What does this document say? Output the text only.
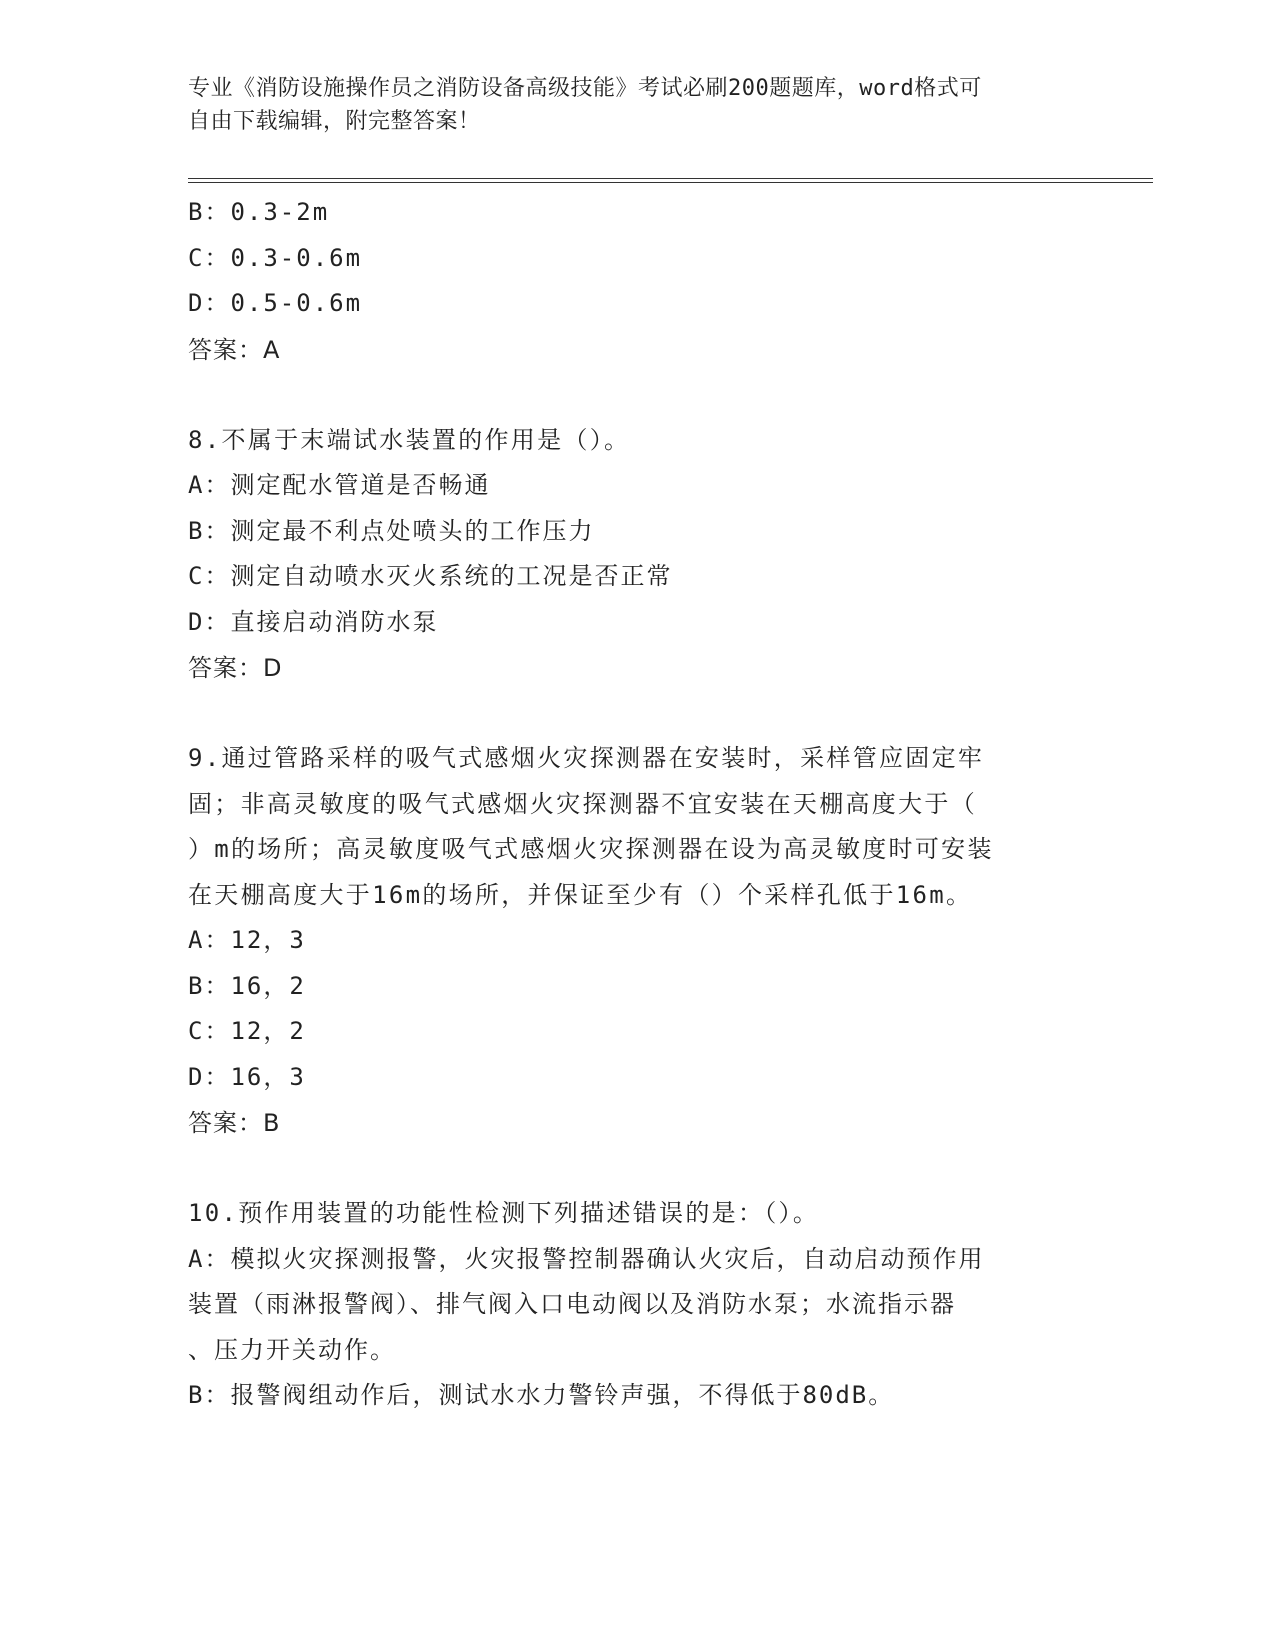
专业《消防设施操作员之消防设备高级技能》考试必刷200题题库，word格式可
自由下载编辑，附完整答案！
B：0.3-2m
C：0.3-0.6m
D：0.5-0.6m
答案：A
8.不属于末端试水装置的作用是（）。
A：测定配水管道是否畅通
B：测定最不利点处喷头的工作压力
C：测定自动喷水灭火系统的工况是否正常
D：直接启动消防水泵
答案：D
9.通过管路采样的吸气式感烟火灾探测器在安装时，采样管应固定牢
固；非高灵敏度的吸气式感烟火灾探测器不宜安装在天棚高度大于（
）m的场所；高灵敏度吸气式感烟火灾探测器在设为高灵敏度时可安装
在天棚高度大于16m的场所，并保证至少有（）个采样孔低于16m。
A：12，3
B：16，2
C：12，2
D：16，3
答案：B
10.预作用装置的功能性检测下列描述错误的是：（）。
A：模拟火灾探测报警，火灾报警控制器确认火灾后，自动启动预作用
装置（雨淋报警阀）、排气阀入口电动阀以及消防水泵；水流指示器
、压力开关动作。
B：报警阀组动作后，测试水水力警铃声强，不得低于80dB。
